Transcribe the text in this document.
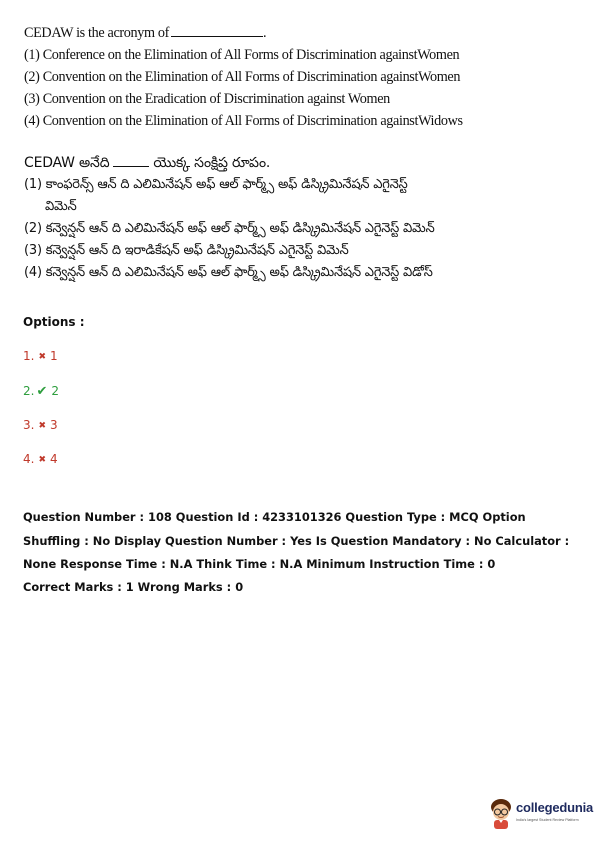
CEDAW is the acronym of	.
(1) Conference on the Elimination of All Forms of Discrimination againstWomen
(2) Convention on the Elimination of All Forms of Discrimination againstWomen
(3) Convention on the Eradication of Discrimination against Women
(4) Convention on the Elimination of All Forms of Discrimination againstWidows
CEDAW అనేది	యొక్క సంక్షిప్త రూపం.
(1) కాంఫరెన్స్ ఆన్ ది ఎలిమినేషన్ అఫ్ ఆల్ ఫార్మ్స్ అఫ్ డిస్క్రిమినేషన్ ఎగైనెస్ట్
విమెన్
(2) కన్వెన్షన్ ఆన్ ది ఎలిమినేషన్ అఫ్ ఆల్ ఫార్మ్స్ అఫ్ డిస్క్రిమినేషన్ ఎగైనెస్ట్ విమెన్
(3) కన్వెన్షన్ ఆన్ ది ఇరాడికేషన్ అఫ్ డిస్క్రిమినేషన్ ఎగైనెస్ట్ విమెన్
(4) కన్వెన్షన్ ఆన్ ది ఎలిమినేషన్ అఫ్ ఆల్ ఫార్మ్స్ అఫ్ డిస్క్రిమినేషన్ ఎగైనెస్ట్ విడోస్
Options :
1. ✖ 1
2. ✔ 2
3. ✖ 3
4. ✖ 4
Question Number : 108 Question Id : 4233101326 Question Type : MCQ Option Shuffling : No Display Question Number : Yes Is Question Mandatory : No Calculator : None Response Time : N.A Think Time : N.A Minimum Instruction Time : 0
Correct Marks : 1 Wrong Marks : 0
collegedunia
India's largest Student Review Platform
